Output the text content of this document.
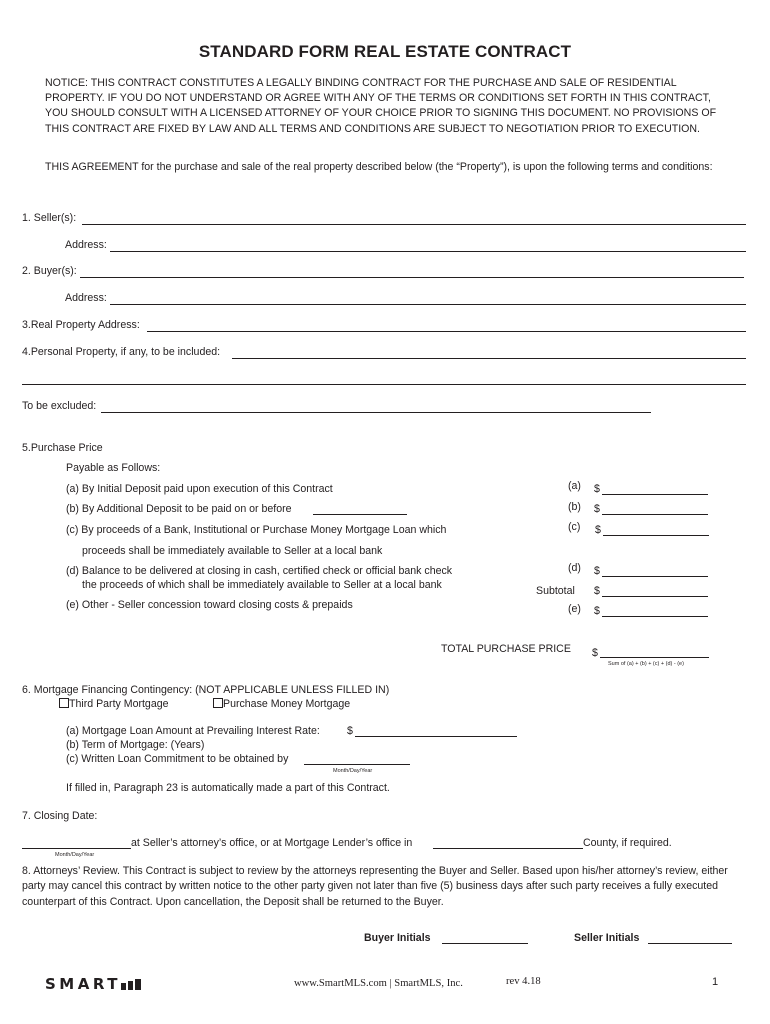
STANDARD FORM REAL ESTATE CONTRACT
NOTICE: THIS CONTRACT CONSTITUTES A LEGALLY BINDING CONTRACT FOR THE PURCHASE AND SALE OF RESIDENTIAL PROPERTY. IF YOU DO NOT UNDERSTAND OR AGREE WITH ANY OF THE TERMS OR CONDITIONS SET FORTH IN THIS CONTRACT, YOU SHOULD CONSULT WITH A LICENSED ATTORNEY OF YOUR CHOICE PRIOR TO SIGNING THIS DOCUMENT. NO PROVISIONS OF THIS CONTRACT ARE FIXED BY LAW AND ALL TERMS AND CONDITIONS ARE SUBJECT TO NEGOTIATION PRIOR TO EXECUTION.
THIS AGREEMENT for the purchase and sale of the real property described below (the “Property”), is upon the following terms and conditions:
1. Seller(s):
Address:
2. Buyer(s):
Address:
3.Real Property Address:
4.Personal Property, if any, to be included:
To be excluded:
5.Purchase Price
Payable as Follows:
(a) By Initial Deposit paid upon execution of this Contract	(a) $
(b) By Additional Deposit to be paid on or before	(b) $
(c) By proceeds of a Bank, Institutional or Purchase Money Mortgage Loan which	(c) $
proceeds shall be immediately available to Seller at a local bank
(d) Balance to be delivered at closing in cash, certified check or official bank check
the proceeds of which shall be immediately available to Seller at a local bank
(d) $
Subtotal $
(e) Other - Seller concession toward closing costs & prepaids	(e) $
TOTAL PURCHASE PRICE $
Sum of (a) + (b) + (c) + (d) - (e)
6. Mortgage Financing Contingency: (NOT APPLICABLE UNLESS FILLED IN)
Third Party Mortgage	Purchase Money Mortgage
(a) Mortgage Loan Amount at Prevailing Interest Rate:	$
(b) Term of Mortgage: (Years)
(c) Written Loan Commitment to be obtained by
Month/Day/Year
If filled in, Paragraph 23 is automatically made a part of this Contract.
7. Closing Date:
at Seller’s attorney’s office, or at Mortgage Lender’s office in	County, if required.
Month/Day/Year
8. Attorneys’ Review. This Contract is subject to review by the attorneys representing the Buyer and Seller. Based upon his/her attorney’s review, either party may cancel this contract by written notice to the other party given not later than five (5) business days after such party receives a fully executed counterpart of this Contract. Upon cancellation, the Deposit shall be returned to the Buyer.
Buyer Initials	Seller Initials
SMART	www.SmartMLS.com | SmartMLS, Inc.	rev 4.18	1
